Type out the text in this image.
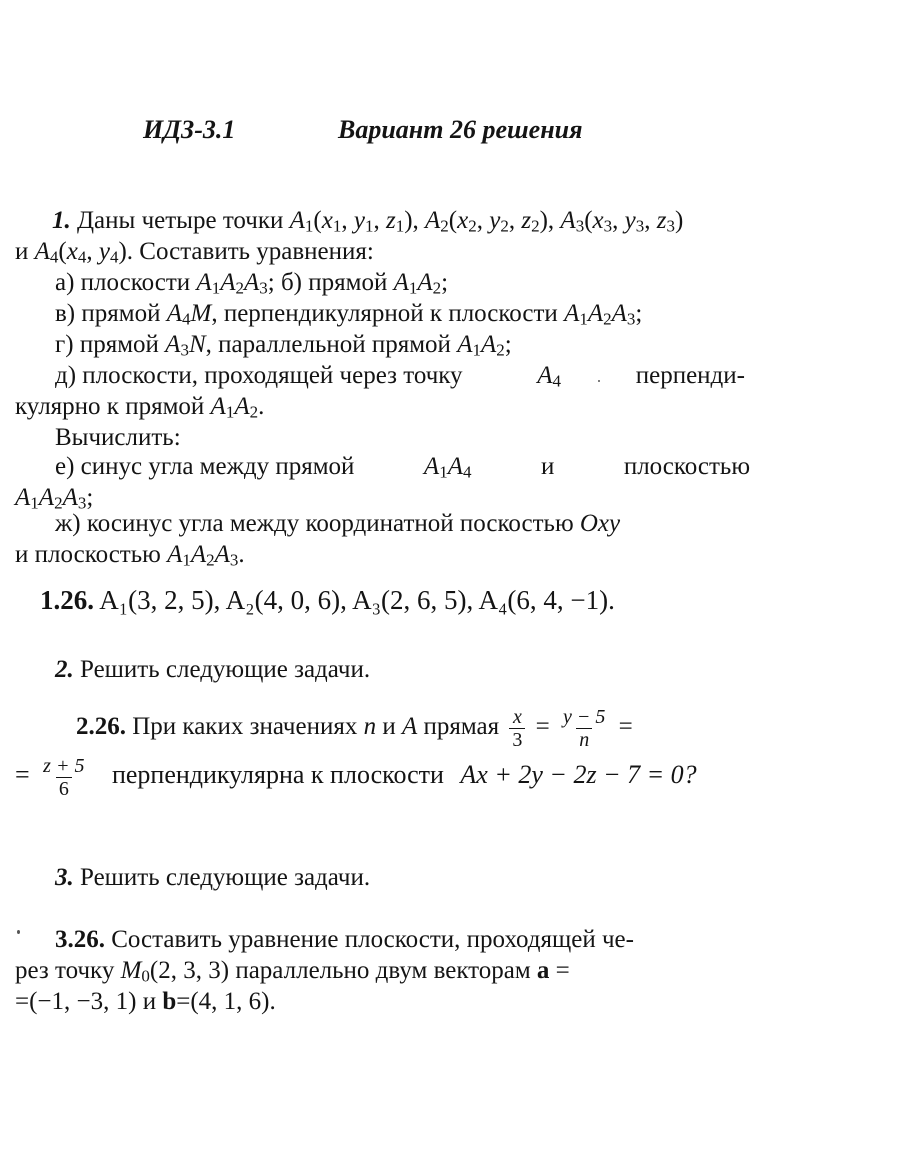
ИДЗ-3.1	Вариант 26 решения
1. Даны четыре точки $A_1(x_1$, $y_1$, $z_1$), $A_2(x_2$, $y_2$, $z_2$), $A_3(x_3$, $y_3$, $z_3$)
и $A_4(x_4$, $y_4$). Составить уравнения:
а) плоскости $A_1A_2A_3$; б) прямой $A_1A_2$;
в) прямой $A_4M$, перпендикулярной к плоскости $A_1A_2A_3$;
г) прямой $A_3N$, параллельной прямой $A_1A_2$;
д) плоскости, проходящей через точку	$A_4$	перпенди-
кулярно к прямой $A_1A_2$.
Вычислить:
е) синус угла между прямой	$A_1A_4$	и	плоскостью
$A_1A_2A_3$;
ж) косинус угла между координатной поскостью Oxy
и плоскостью $A_1A_2A_3$.
1.26. A₁(3, 2, 5), A₂(4, 0, 6), A₃(2, 6, 5), A₄(6, 4, −1).
2. Решить следующие задачи.
2.26. При каких значениях n и A прямая $\frac{x}{3} = \frac{y - 5}{n}$ =
= $\frac{z + 5}{6}$ перпендикулярна к плоскости Ax + 2y − 2z − 7 = 0?
3. Решить следующие задачи.
3.26. Составить уравнение плоскости, проходящей че-
рез точку $M_0(2$, 3, 3) параллельно двум векторам a =
=(−1, −3, 1) и b=(4, 1, 6).
